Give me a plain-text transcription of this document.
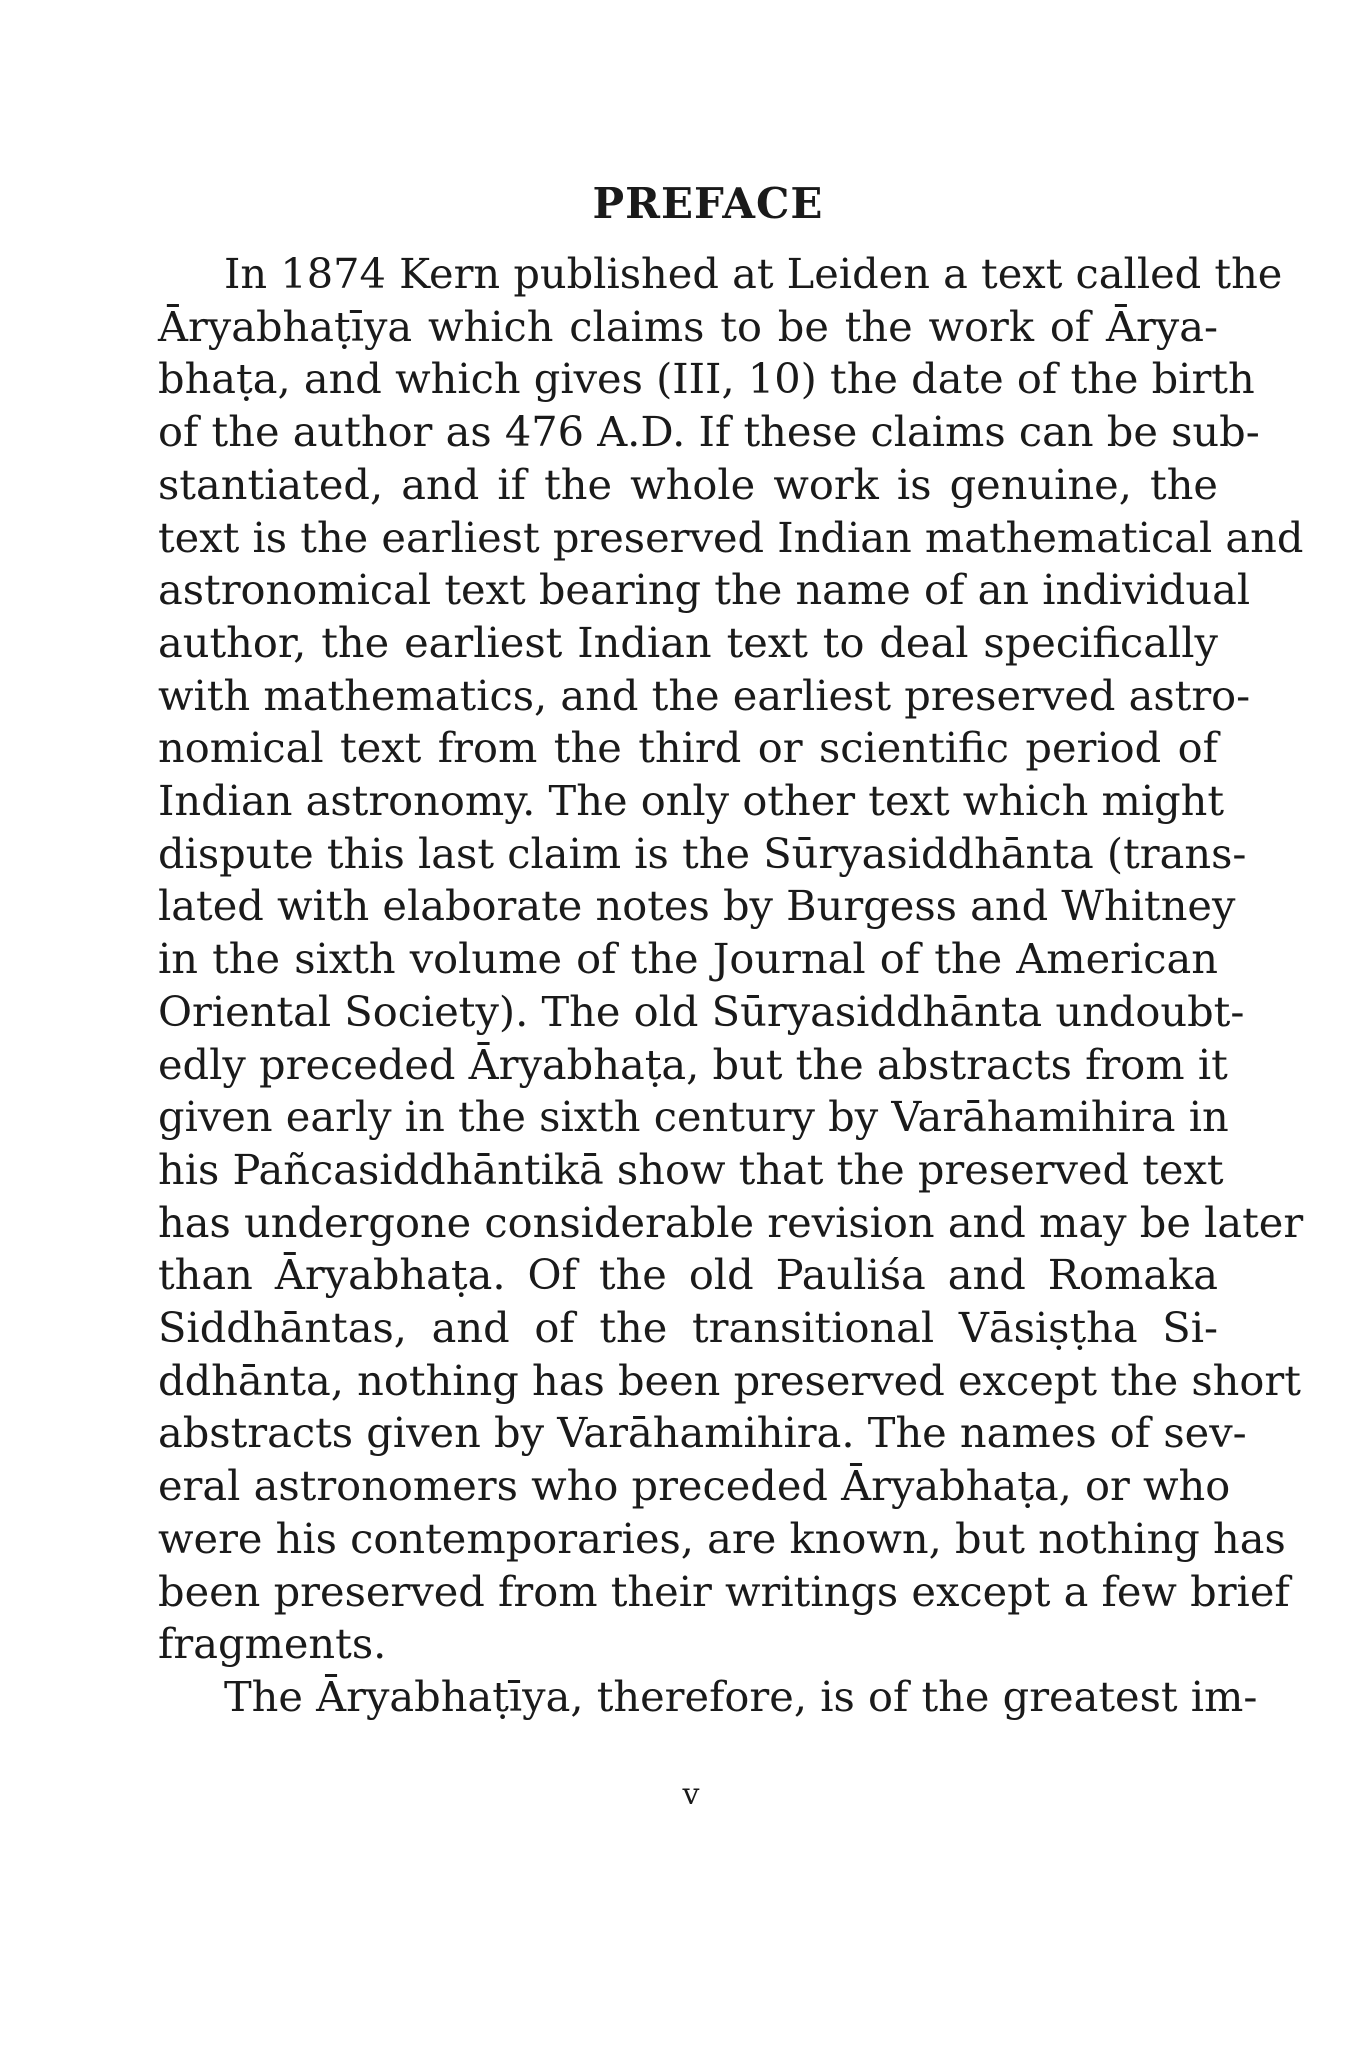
PREFACE

In 1874 Kern published at Leiden a text called the
Āryabhaṭīya which claims to be the work of Ārya-
bhaṭa, and which gives (III, 10) the date of the birth
of the author as 476 A.D. If these claims can be sub-
stantiated, and if the whole work is genuine, the
text is the earliest preserved Indian mathematical and
astronomical text bearing the name of an individual
author, the earliest Indian text to deal specifically
with mathematics, and the earliest preserved astro-
nomical text from the third or scientific period of
Indian astronomy. The only other text which might
dispute this last claim is the Sūryasiddhānta (trans-
lated with elaborate notes by Burgess and Whitney
in the sixth volume of the Journal of the American
Oriental Society). The old Sūryasiddhānta undoubt-
edly preceded Āryabhaṭa, but the abstracts from it
given early in the sixth century by Varāhamihira in
his Pañcasiddhāntikā show that the preserved text
has undergone considerable revision and may be later
than Āryabhaṭa. Of the old Pauliśa and Romaka
Siddhāntas, and of the transitional Vāsiṣṭha Si-
ddhānta, nothing has been preserved except the short
abstracts given by Varāhamihira. The names of sev-
eral astronomers who preceded Āryabhaṭa, or who
were his contemporaries, are known, but nothing has
been preserved from their writings except a few brief
fragments.

The Āryabhaṭīya, therefore, is of the greatest im-

v
